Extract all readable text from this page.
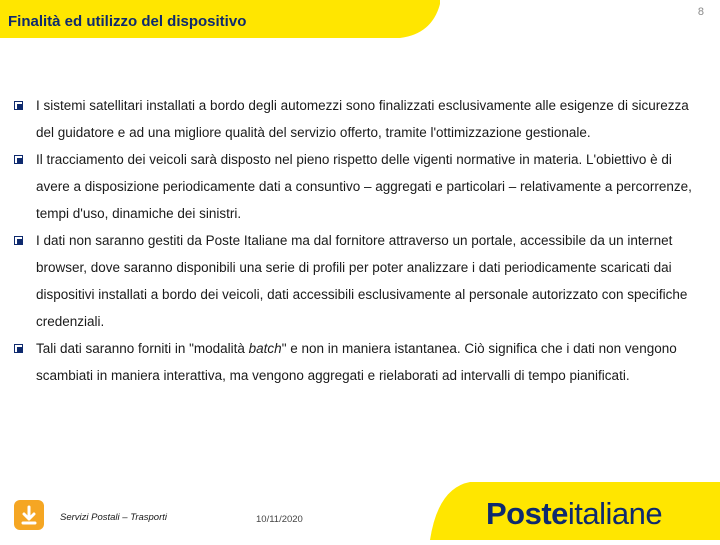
Finalità ed utilizzo del dispositivo
8
I sistemi satellitari installati a bordo degli automezzi sono finalizzati esclusivamente alle esigenze di sicurezza del guidatore e ad una migliore qualità del servizio offerto, tramite l'ottimizzazione gestionale.
Il tracciamento dei veicoli sarà disposto nel pieno rispetto delle vigenti normative in materia. L'obiettivo è di avere a disposizione periodicamente dati a consuntivo – aggregati e particolari – relativamente a percorrenze, tempi d'uso, dinamiche dei sinistri.
I dati non saranno gestiti da Poste Italiane ma dal fornitore attraverso un portale, accessibile da un internet browser, dove saranno disponibili una serie di profili per poter analizzare i dati periodicamente scaricati dai dispositivi installati a bordo dei veicoli, dati accessibili esclusivamente al personale autorizzato con specifiche credenziali.
Tali dati saranno forniti in "modalità batch" e non in maniera istantanea. Ciò significa che i dati non vengono scambiati in maniera interattiva, ma vengono aggregati e rielaborati ad intervalli di tempo pianificati.
Servizi Postali – Trasporti	10/11/2020	Posteitaliane
